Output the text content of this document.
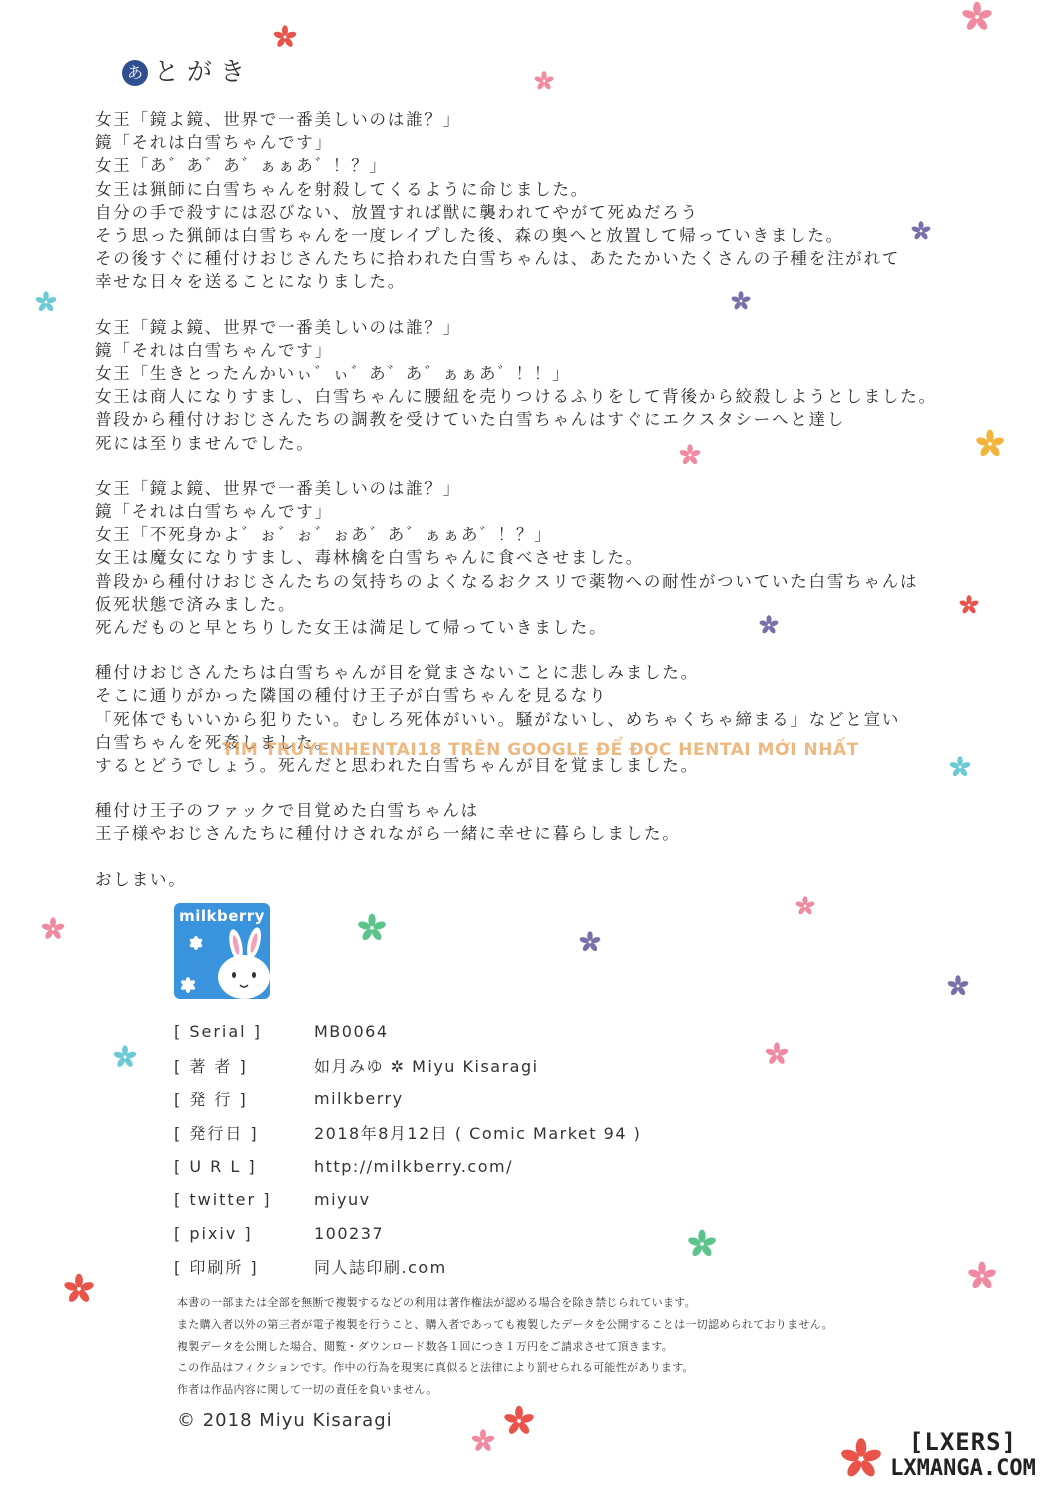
あ とがき

女王「鏡よ鏡、世界で一番美しいのは誰？」

鏡「それは白雪ちゃんです」

女王「あ゛あ゛あ゛ぁぁあ゛！？」

女王は猟師に白雪ちゃんを射殺してくるように命じました。

自分の手で殺すには忍びない、放置すれば獣に襲われてやがて死ぬだろう

そう思った猟師は白雪ちゃんを一度レイプした後、森の奥へと放置して帰っていきました。

その後すぐに種付けおじさんたちに拾われた白雪ちゃんは、あたたかいたくさんの子種を注がれて

幸せな日々を送ることになりました。

女王「鏡よ鏡、世界で一番美しいのは誰？」

鏡「それは白雪ちゃんです」

女王「生きとったんかいぃ゛ぃ゛あ゛あ゛ぁぁあ゛！！」

女王は商人になりすまし、白雪ちゃんに腰紐を売りつけるふりをして背後から絞殺しようとしました。

普段から種付けおじさんたちの調教を受けていた白雪ちゃんはすぐにエクスタシーへと達し

死には至りませんでした。

女王「鏡よ鏡、世界で一番美しいのは誰？」

鏡「それは白雪ちゃんです」

女王「不死身かよ゛ぉ゛ぉ゛ぉあ゛あ゛ぁぁあ゛！？」

女王は魔女になりすまし、毒林檎を白雪ちゃんに食べさせました。

普段から種付けおじさんたちの気持ちのよくなるおクスリで薬物への耐性がついていた白雪ちゃんは

仮死状態で済みました。

死んだものと早とちりした女王は満足して帰っていきました。

種付けおじさんたちは白雪ちゃんが目を覚まさないことに悲しみました。

そこに通りがかった隣国の種付け王子が白雪ちゃんを見るなり

「死体でもいいから犯りたい。むしろ死体がいい。騒がないし、めちゃくちゃ締まる」などと宣い

白雪ちゃんを死姦しました。

するとどうでしょう。死んだと思われた白雪ちゃんが目を覚ましました。

種付け王子のファックで目覚めた白雪ちゃんは

王子様やおじさんたちに種付けされながら一緒に幸せに暮らしました。

おしまい。

TIM TRUYENHENTAI18 TRÊN GOOGLE ĐỂ ĐỌC HENTAI MỚI NHẤT
milkberry
[ Serial ]	MB0064
[ 著 者 ]	如月みゆ ✲ Miyu Kisaragi
[ 発 行 ]	milkberry
[ 発行日 ]	2018年8月12日 ( Comic Market 94 )
[ U R L ]	http://milkberry.com/
[ twitter ]	miyuv
[ pixiv ]	100237
[ 印刷所 ]	同人誌印刷.com

本書の一部または全部を無断で複製するなどの利用は著作権法が認める場合を除き禁じられています。

また購入者以外の第三者が電子複製を行うこと、購入者であっても複製したデータを公開することは一切認められておりません。

複製データを公開した場合、閲覧・ダウンロード数各１回につき１万円をご請求させて頂きます。

この作品はフィクションです。作中の行為を現実に真似ると法律により罰せられる可能性があります。

作者は作品内容に関して一切の責任を負いません。

© 2018 Miyu Kisaragi
[LXERS]
LXMANGA.COM
